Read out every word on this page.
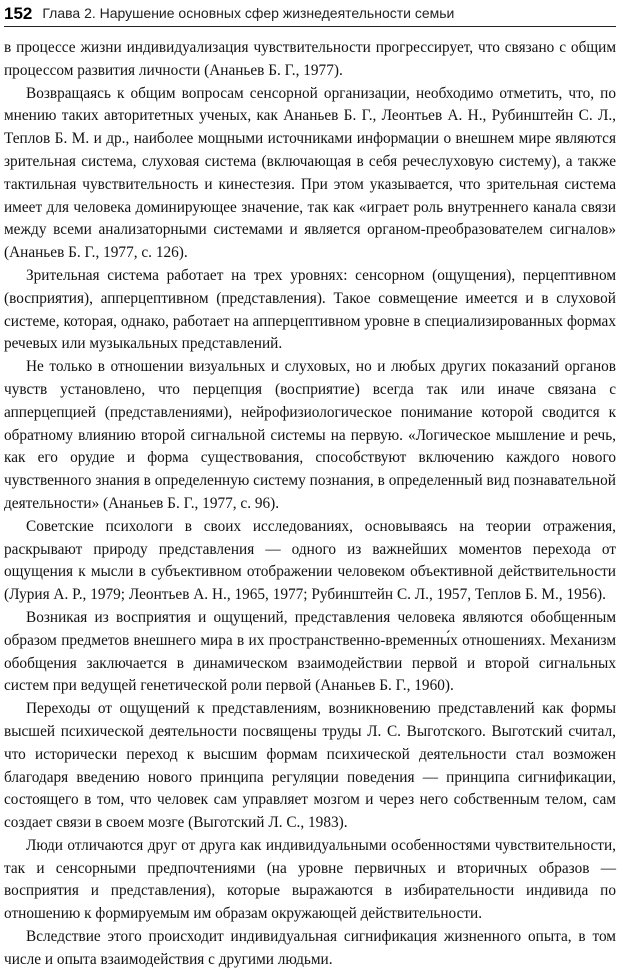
152 Глава 2. Нарушение основных сфер жизнедеятельности семьи

в процессе жизни индивидуализация чувствительности прогрессирует, что связано с общим процессом развития личности (Ананьев Б. Г., 1977).

Возвращаясь к общим вопросам сенсорной организации, необходимо отметить, что, по мнению таких авторитетных ученых, как Ананьев Б. Г., Леонтьев А. Н., Рубинштейн С. Л., Теплов Б. М. и др., наиболее мощными источниками информации о внешнем мире являются зрительная система, слуховая система (включающая в себя речеслуховую систему), а также тактильная чувствительность и кинестезия. При этом указывается, что зрительная система имеет для человека доминирующее значение, так как «играет роль внутреннего канала связи между всеми анализаторными системами и является органом-преобразователем сигналов» (Ананьев Б. Г., 1977, с. 126).

Зрительная система работает на трех уровнях: сенсорном (ощущения), перцептивном (восприятия), апперцептивном (представления). Такое совмещение имеется и в слуховой системе, которая, однако, работает на апперцептивном уровне в специализированных формах речевых или музыкальных представлений.

Не только в отношении визуальных и слуховых, но и любых других показаний органов чувств установлено, что перцепция (восприятие) всегда так или иначе связана с апперцепцией (представлениями), нейрофизиологическое понимание которой сводится к обратному влиянию второй сигнальной системы на первую. «Логическое мышление и речь, как его орудие и форма существования, способствуют включению каждого нового чувственного знания в определенную систему познания, в определенный вид познавательной деятельности» (Ананьев Б. Г., 1977, с. 96).

Советские психологи в своих исследованиях, основываясь на теории отражения, раскрывают природу представления — одного из важнейших моментов перехода от ощущения к мысли в субъективном отображении человеком объективной действительности (Лурия А. Р., 1979; Леонтьев А. Н., 1965, 1977; Рубинштейн С. Л., 1957, Теплов Б. М., 1956).

Возникая из восприятия и ощущений, представления человека являются обобщенным образом предметов внешнего мира в их пространственно-временны́х отношениях. Механизм обобщения заключается в динамическом взаимодействии первой и второй сигнальных систем при ведущей генетической роли первой (Ананьев Б. Г., 1960).

Переходы от ощущений к представлениям, возникновению представлений как формы высшей психической деятельности посвящены труды Л. С. Выготского. Выготский считал, что исторически переход к высшим формам психической деятельности стал возможен благодаря введению нового принципа регуляции поведения — принципа сигнификации, состоящего в том, что человек сам управляет мозгом и через него собственным телом, сам создает связи в своем мозге (Выготский Л. С., 1983).

Люди отличаются друг от друга как индивидуальными особенностями чувствительности, так и сенсорными предпочтениями (на уровне первичных и вторичных образов — восприятия и представления), которые выражаются в избирательности индивида по отношению к формируемым им образам окружающей действительности.

Вследствие этого происходит индивидуальная сигнификация жизненного опыта, в том числе и опыта взаимодействия с другими людьми.
